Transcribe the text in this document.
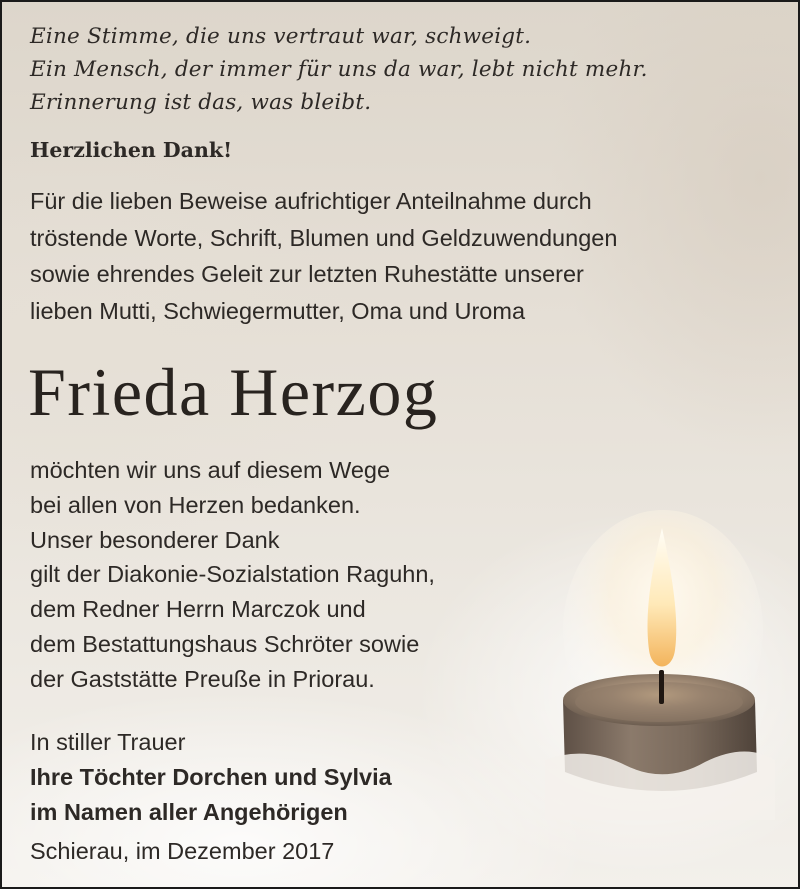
Eine Stimme, die uns vertraut war, schweigt.
Ein Mensch, der immer für uns da war, lebt nicht mehr.
Erinnerung ist das, was bleibt.
Herzlichen Dank!
Für die lieben Beweise aufrichtiger Anteilnahme durch
tröstende Worte, Schrift, Blumen und Geldzuwendungen
sowie ehrendes Geleit zur letzten Ruhestätte unserer
lieben Mutti, Schwiegermutter, Oma und Uroma
Frieda Herzog
möchten wir uns auf diesem Wege
bei allen von Herzen bedanken.
Unser besonderer Dank
gilt der Diakonie-Sozialstation Raguhn,
dem Redner Herrn Marczok und
dem Bestattungshaus Schröter sowie
der Gaststätte Preuße in Priorau.
In stiller Trauer
Ihre Töchter Dorchen und Sylvia
im Namen aller Angehörigen
Schierau, im Dezember 2017
